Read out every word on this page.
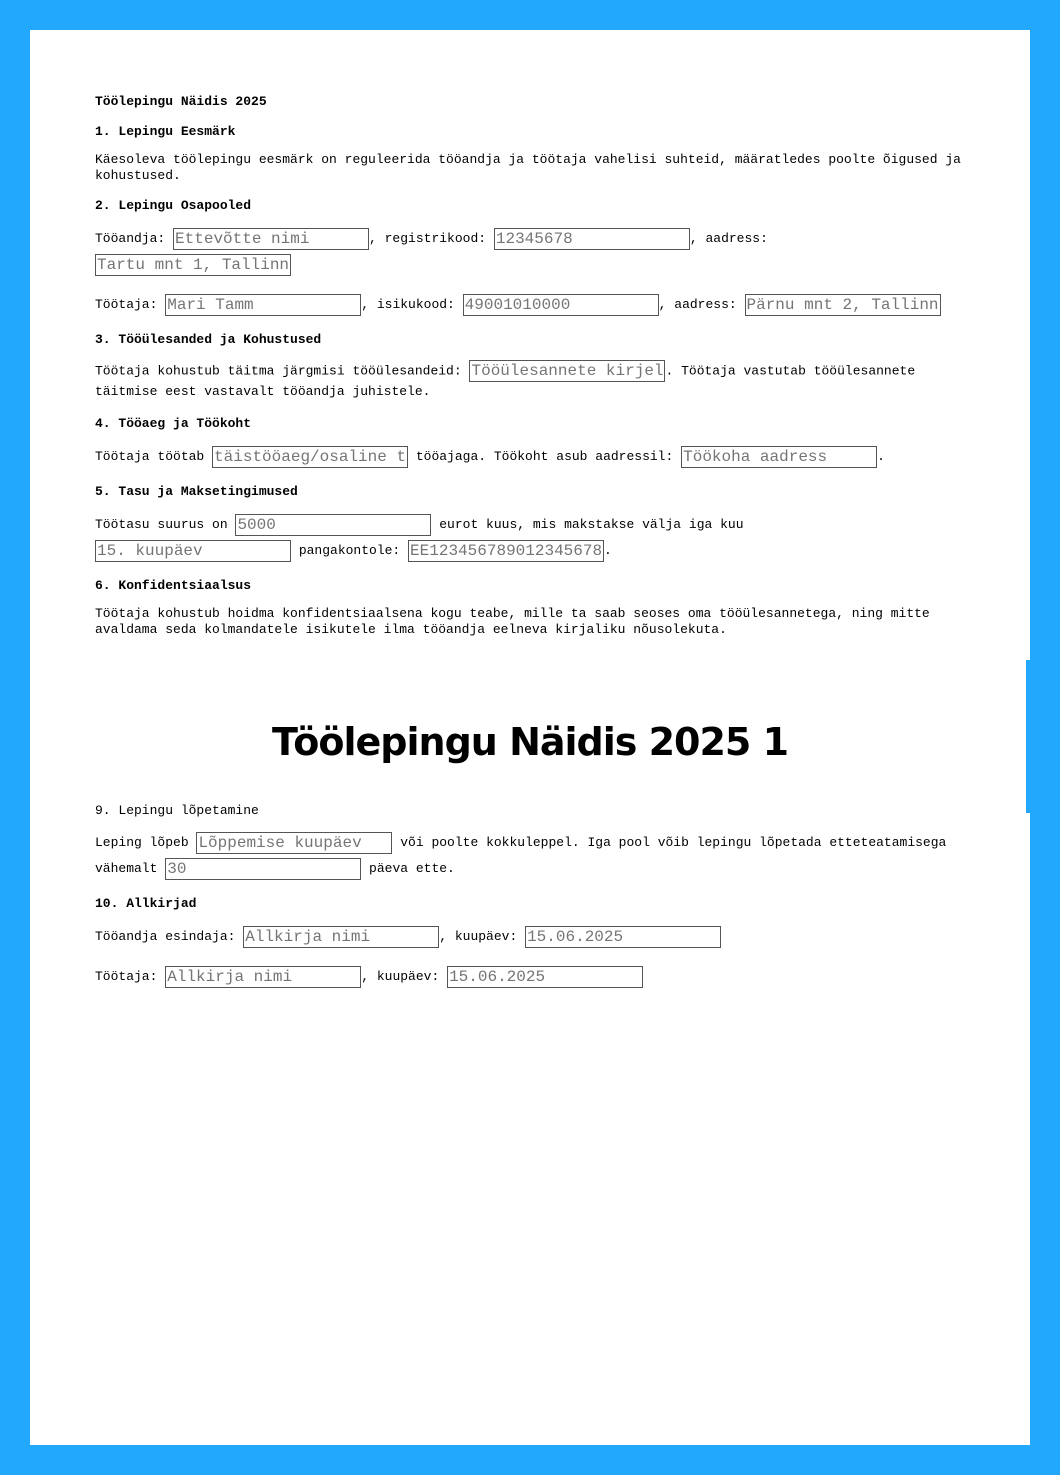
Töölepingu Näidis 2025
1. Lepingu Eesmärk

Käesoleva töölepingu eesmärk on reguleerida tööandja ja töötaja vahelisi suhteid, määratledes poolte õigused ja kohustused.

2. Lepingu Osapooled
Tööandja: Ettevõtte nimi	, registrikood: 12345678	, aadress:
Tartu mnt 1, Tallinn
Töötaja: Mari Tamm	, isikukood: 49001010000	, aadress: Pärnu mnt 2, Tallinn
3. Tööülesanded ja Kohustused
Töötaja kohustub täitma järgmisi tööülesandeid: Tööülesannete kirjeldus	. Töötaja vastutab tööülesannete täitmise eest vastavalt tööandja juhistele.
4. Tööaeg ja Töökoht
Töötaja töötab täistööaeg/osaline tööaeg	tööajaga. Töökoht asub aadressil: Töökoha aadress	.
5. Tasu ja Maksetingimused
Töötasu suurus on 5000	eurot kuus, mis makstakse välja iga kuu
15. kuupäev pangakontole: EE123456789012345678	.
6. Konfidentsiaalsus

Töötaja kohustub hoidma konfidentsiaalsena kogu teabe, mille ta saab seoses oma tööülesannetega, ning mitte avaldama seda kolmandatele isikutele ilma tööandja eelneva kirjaliku nõusolekuta.

Töölepingu Näidis 2025 1
9. Lepingu lõpetamine
Leping lõpeb Lõppemise kuupäev	või poolte kokkuleppel. Iga pool võib lepingu lõpetada etteteatamisega vähemalt 30	päeva ette.
10. Allkirjad
Tööandja esindaja: Allkirja nimi	, kuupäev: 15.06.2025
Töötaja: Allkirja nimi	, kuupäev: 15.06.2025
